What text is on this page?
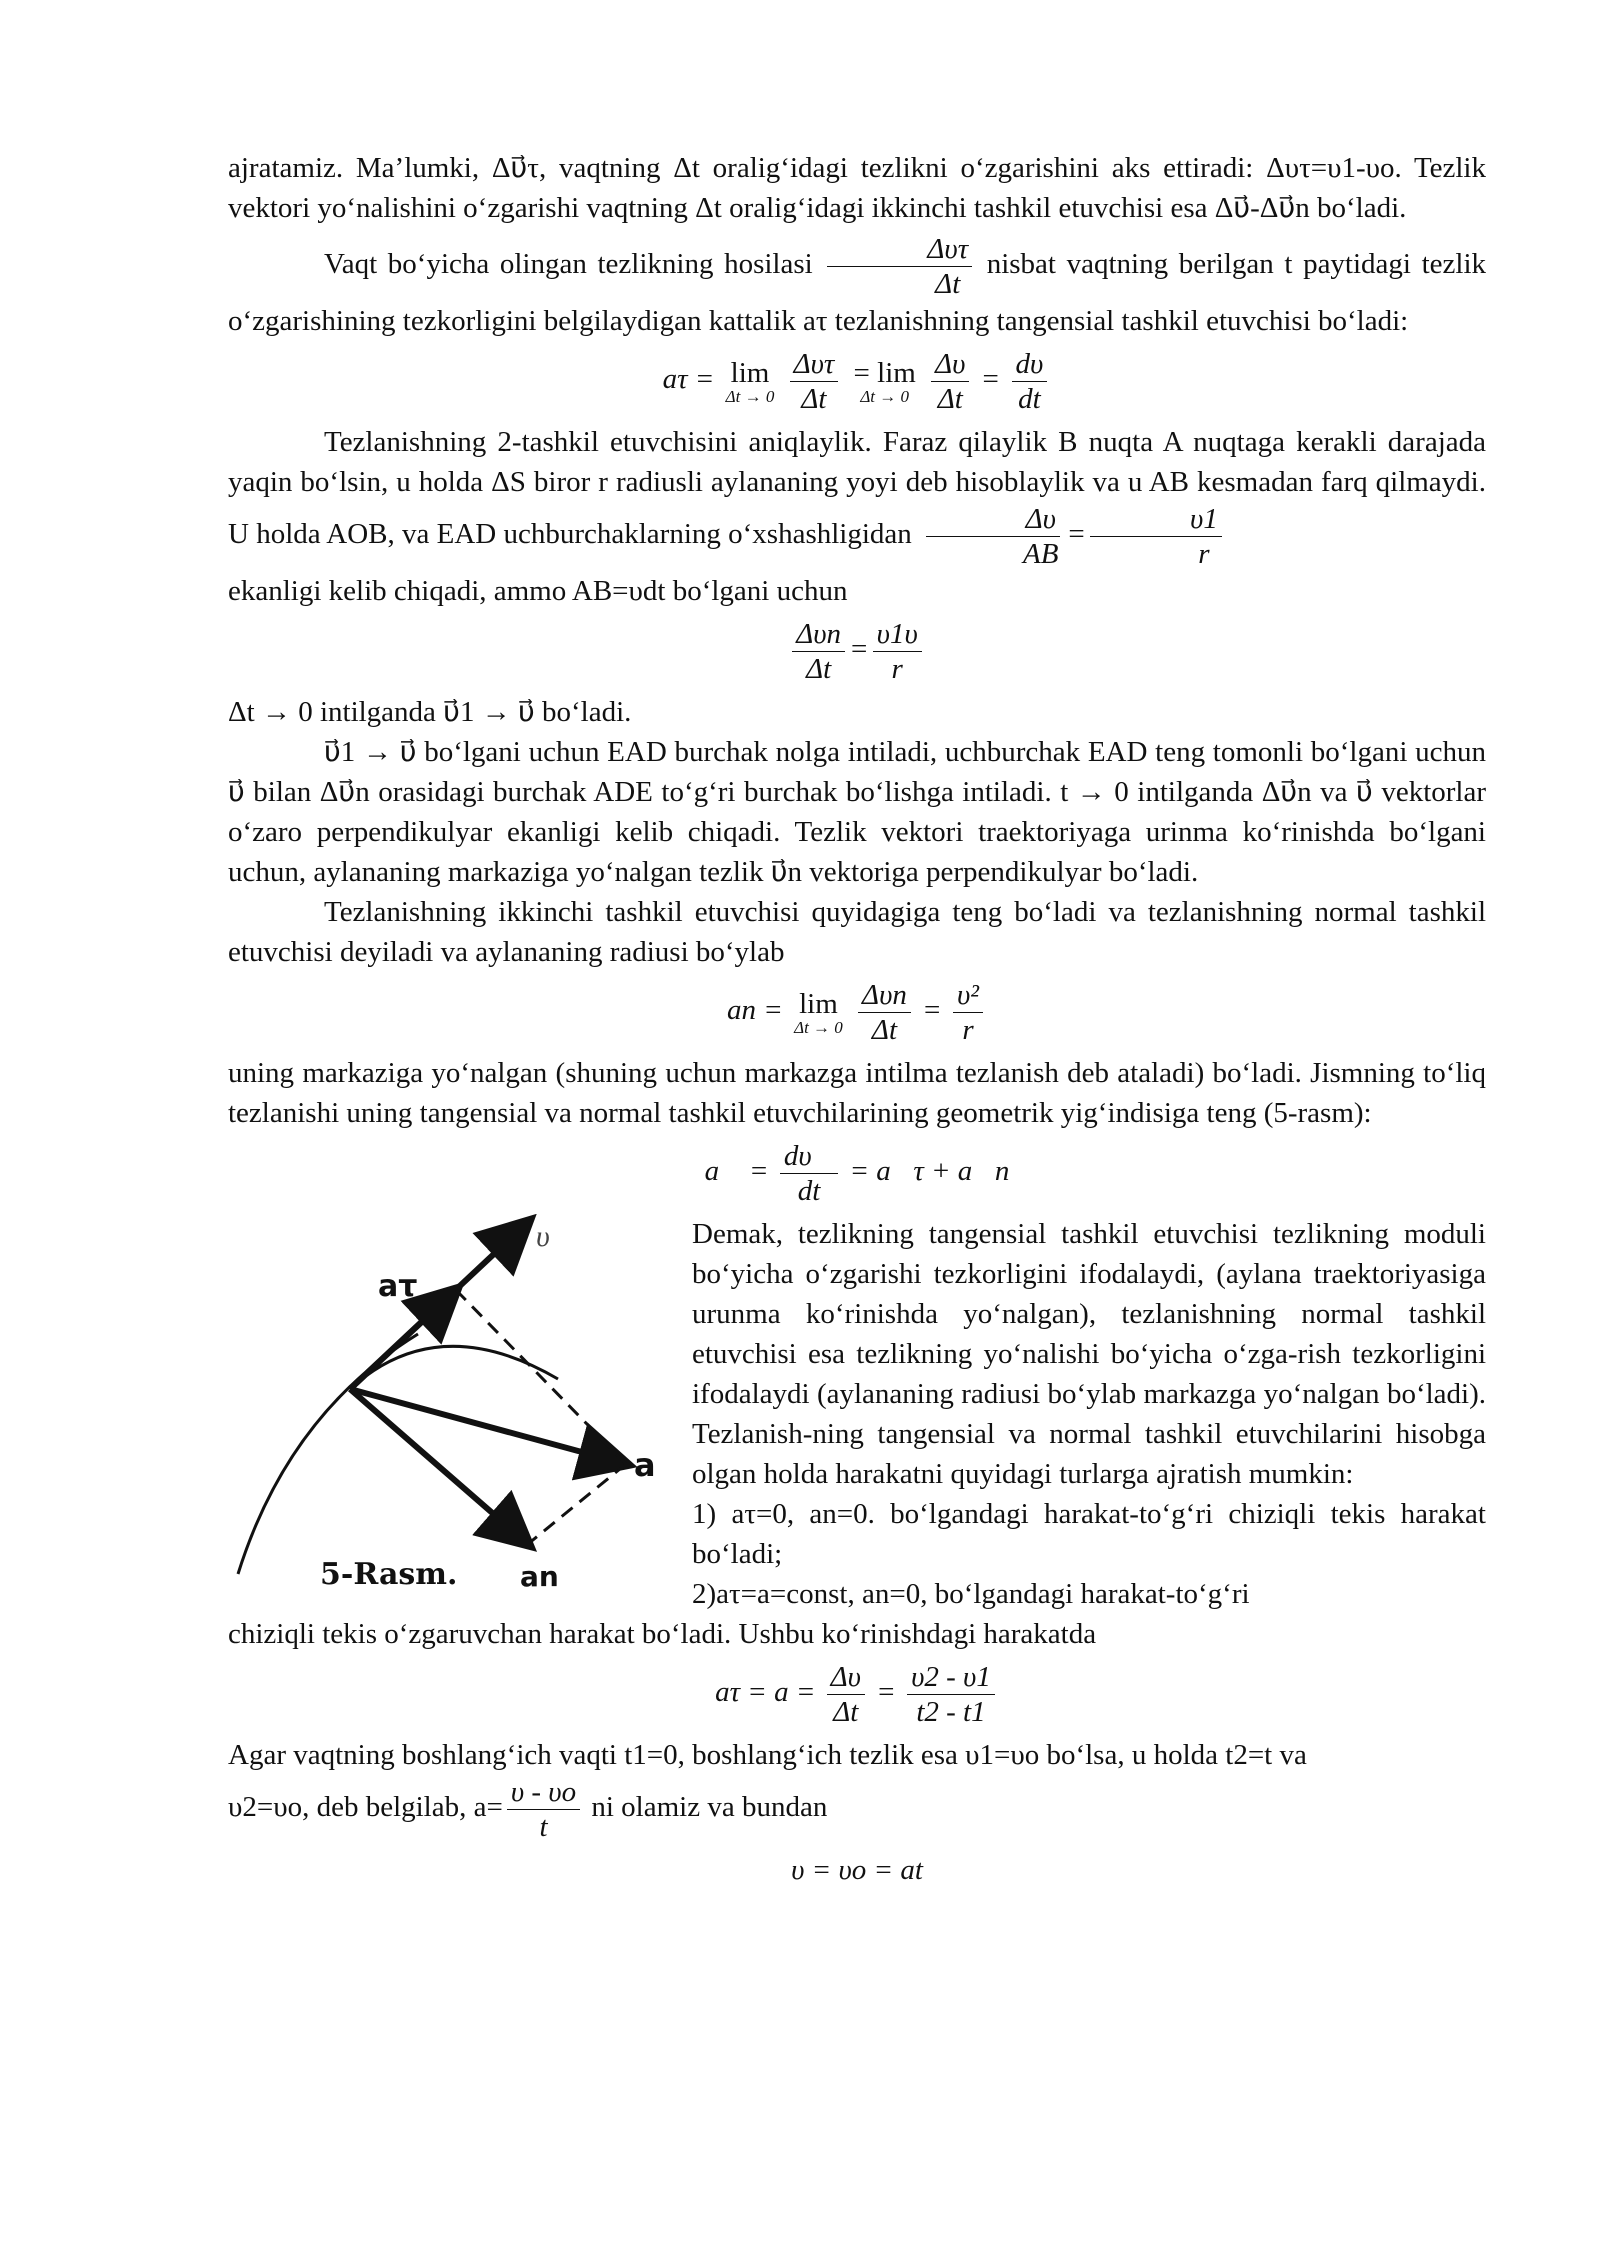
ajratamiz. Ma’lumki, Δυ⃗τ, vaqtning Δt oralig‘idagi tezlikni o‘zgarishini aks ettiradi: Δυτ=υ1-υo. Tezlik vektori yo‘nalishini o‘zgarishi vaqtning Δt oralig‘idagi ikkinchi tashkil etuvchisi esa Δυ⃗-Δυ⃗n bo‘ladi.

Vaqt bo‘yicha olingan tezlikning hosilasi $\frac{\text{Δυτ}}{\Delta t}$ nisbat vaqtning berilgan t paytidagi tezlik o‘zgarishining tezkorligini belgilaydigan kattalik aτ tezlanishning tangensial tashkil etuvchisi bo‘ladi:

aτ = lim
Δt → 0
$\frac{\text{Δυτ}}{\Delta t}$
= lim
Δt → 0
$\frac{\Delta\upsilon}{\Delta t} = \frac{d\upsilon}{dt}$

Tezlanishning 2-tashkil etuvchisini aniqlaylik. Faraz qilaylik B nuqta A nuqtaga kerakli darajada yaqin bo‘lsin, u holda ΔS biror r radiusli aylananing yoyi deb hisoblaylik va u AB kesmadan farq qilmaydi. U holda AOB, va EAD uchburchaklarning o‘xshashligidan $\frac{\Delta\upsilon}{AB} = \frac{\upsilon 1}{r}$

ekanligi kelib chiqadi, ammo AB=υdt bo‘lgani uchun

$\frac{\text{Δυn}}{\Delta t} = \frac{\upsilon 1\upsilon}{r}$

Δt → 0 intilganda υ⃗1 → υ⃗ bo‘ladi.

υ⃗1 → υ⃗ bo‘lgani uchun EAD burchak nolga intiladi, uchburchak EAD teng tomonli bo‘lgani uchun υ⃗ bilan Δυ⃗n orasidagi burchak ADE to‘g‘ri burchak bo‘lishga intiladi. t → 0 intilganda Δυ⃗n va υ⃗ vektorlar o‘zaro perpendikulyar ekanligi kelib chiqadi. Tezlik vektori traektoriyaga urinma ko‘rinishda bo‘lgani uchun, aylananing markaziga yo‘nalgan tezlik υ⃗n vektoriga perpendikulyar bo‘ladi.

Tezlanishning ikkinchi tashkil etuvchisi quyidagiga teng bo‘ladi va tezlanishning normal tashkil etuvchisi deyiladi va aylananing radiusi bo‘ylab

an = lim
Δt → 0
$\frac{\text{Δυn}}{\Delta t} = \frac{\text{υ²}}{r}$

uning markaziga yo‘nalgan (shuning uchun markazga intilma tezlanish deb ataladi) bo‘ladi. Jismning to‘liq tezlanishi uning tangensial va normal tashkil etuvchilarining geometrik yig‘indisiga teng (5-rasm):

a⃗ = $\frac{d\upsilon⃗}{dt}$ = a⃗τ + a⃗n
υ⃗
aτ
a
an
5-Rasm.

Demak, tezlikning tangensial tashkil etuvchisi tezlikning moduli bo‘yicha o‘zgarishi tezkorligini ifodalaydi, (aylana traektoriyasiga urunma ko‘rinishda yo‘nalgan), tezlanishning normal tashkil etuvchisi esa tezlikning yo‘nalishi bo‘yicha o‘zga-rish tezkorligini ifodalaydi (aylananing radiusi bo‘ylab markazga yo‘nalgan bo‘ladi). Tezlanish-ning tangensial va normal tashkil etuvchilarini hisobga olgan holda harakatni quyidagi turlarga ajratish mumkin:

1) aτ=0, an=0. bo‘lgandagi harakat-to‘g‘ri chiziqli tekis harakat bo‘ladi;

2)aτ=a=const, an=0, bo‘lgandagi harakat-to‘g‘ri

chiziqli tekis o‘zgaruvchan harakat bo‘ladi. Ushbu ko‘rinishdagi harakatda

$a\tau = a = \frac{\Delta\upsilon}{\Delta t} = \frac{\upsilon 2 - \upsilon 1}{t2 - t1}$

Agar vaqtning boshlang‘ich vaqti t1=0, boshlang‘ich tezlik esa υ1=υo bo‘lsa, u holda t2=t va

υ2=υo, deb belgilab, $a= \frac{\upsilon - \upsilon o}{t}$ ni olamiz va bundan

υ = υo = at
